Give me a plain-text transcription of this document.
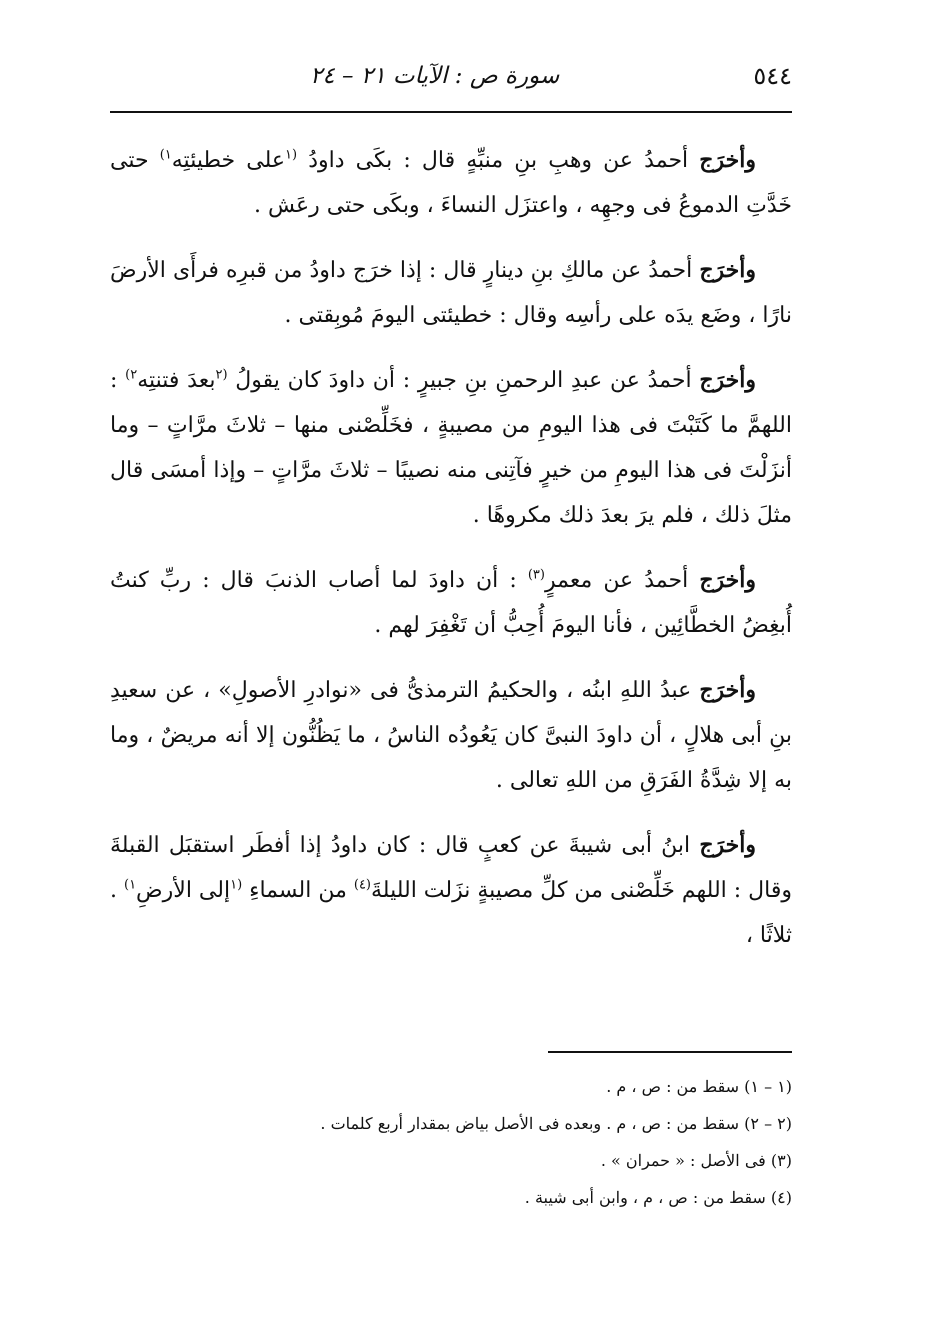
٥٤٤
سورة ص : الآيات ٢١ – ٢٤

وأخرَج أحمدُ عن وهبِ بنِ منبِّهٍ قال : بكَى داودُ $^{(١}$على خطيئتِه$^{١)}$ حتى خَدَّتِ الدموعُ فى وجهِه ، واعتزَل النساءَ ، وبكَى حتى رعَش .

وأخرَج أحمدُ عن مالكِ بنِ دينارٍ قال : إذا خرَج داودُ من قبرِه فرأَى الأرضَ نارًا ، وضَع يدَه على رأسِه وقال : خطيئتى اليومَ مُوبِقتى .

وأخرَج أحمدُ عن عبدِ الرحمنِ بنِ جبيرٍ : أن داودَ كان يقولُ $^{(٢}$بعدَ فتنتِه$^{٢)}$ : اللهمَّ ما كَتَبْتَ فى هذا اليومِ من مصيبةٍ ، فخَلِّصْنى منها – ثلاثَ مرَّاتٍ – وما أنزَلْتَ فى هذا اليومِ من خيرٍ فآتِنى منه نصيبًا – ثلاثَ مرَّاتٍ – وإذا أمسَى قال مثلَ ذلك ، فلم يرَ بعدَ ذلك مكروهًا .

وأخرَج أحمدُ عن معمرٍ$^{(٣)}$ : أن داودَ لما أصاب الذنبَ قال : ربِّ كنتُ أُبغِضُ الخطَّائِين ، فأنا اليومَ أُحِبُّ أن تَغْفِرَ لهم .

وأخرَج عبدُ اللهِ ابنُه ، والحكيمُ الترمذىُّ فى «نوادرِ الأصولِ» ، عن سعيدِ بنِ أبى هلالٍ ، أن داودَ النبىَّ كان يَعُودُه الناسُ ، ما يَظُنُّون إلا أنه مريضٌ ، وما به إلا شِدَّةُ الفَرَقِ من اللهِ تعالى .

وأخرَج ابنُ أبى شيبةَ عن كعبٍ قال : كان داودُ إذا أفطَر استقبَل القبلةَ وقال : اللهم خَلِّصْنى من كلِّ مصيبةٍ نزَلت الليلةَ$^{(٤)}$ من السماءِ $^{(١}$إلى الأرضِ$^{١)}$ . ثلاثًا ،

(١ – ١) سقط من : ص ، م .

(٢ – ٢) سقط من : ص ، م . وبعده فى الأصل بياض بمقدار أربع كلمات .

(٣) فى الأصل : « حمران » .

(٤) سقط من : ص ، م ، وابن أبى شيبة .
